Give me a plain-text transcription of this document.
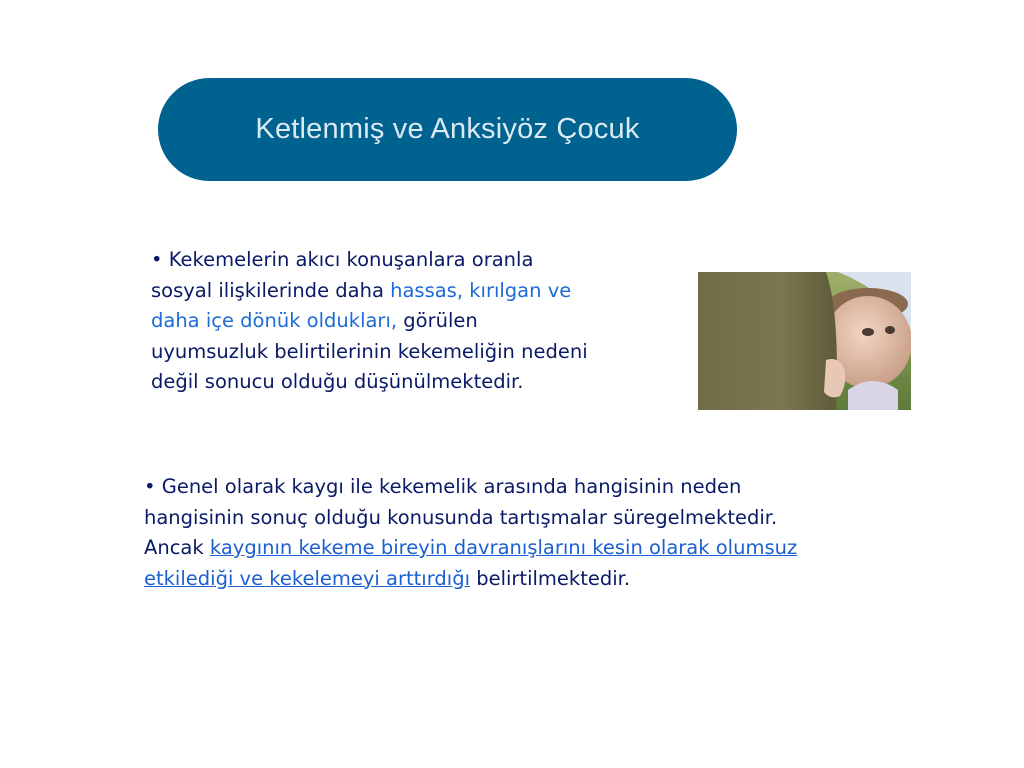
Ketlenmiş ve Anksiyöz Çocuk
• Kekemelerin akıcı konuşanlara oranla
sosyal ilişkilerinde daha hassas, kırılgan ve
daha içe dönük oldukları, görülen
uyumsuzluk belirtilerinin kekemeliğin nedeni
değil sonucu olduğu düşünülmektedir.
• Genel olarak kaygı ile kekemelik arasında hangisinin neden
hangisinin sonuç olduğu konusunda tartışmalar süregelmektedir.
Ancak kaygının kekeme bireyin davranışlarını kesin olarak olumsuz
etkilediği ve kekelemeyi arttırdığı belirtilmektedir.
